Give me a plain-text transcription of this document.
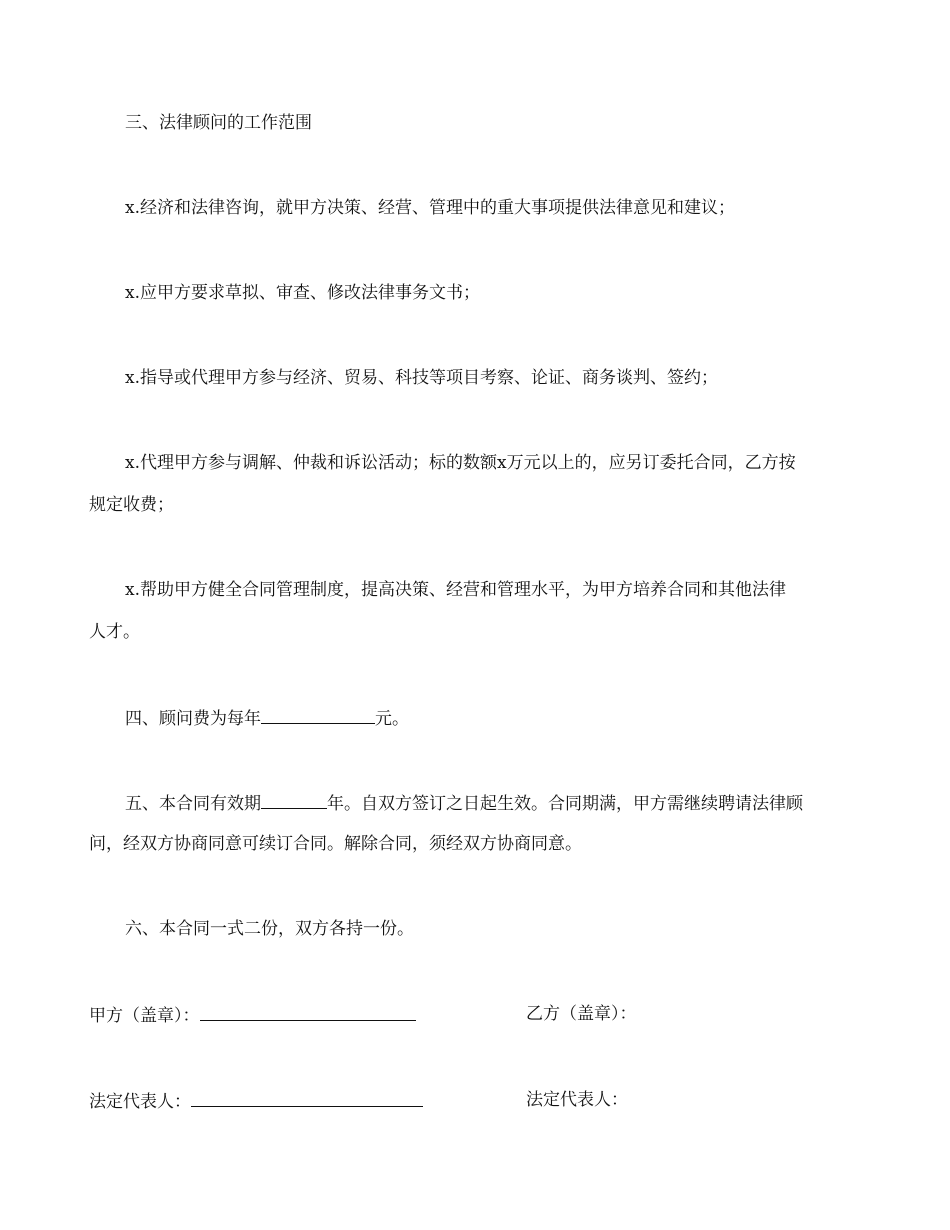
三、法律顾问的工作范围
x.经济和法律咨询，就甲方决策、经营、管理中的重大事项提供法律意见和建议；
x.应甲方要求草拟、审查、修改法律事务文书；
x.指导或代理甲方参与经济、贸易、科技等项目考察、论证、商务谈判、签约；
x.代理甲方参与调解、仲裁和诉讼活动；标的数额x万元以上的，应另订委托合同，乙方按
规定收费；
x.帮助甲方健全合同管理制度，提高决策、经营和管理水平，为甲方培养合同和其他法律
人才。
四、顾问费为每年	元。
五、本合同有效期	年。自双方签订之日起生效。合同期满，甲方需继续聘请法律顾
问，经双方协商同意可续订合同。解除合同，须经双方协商同意。
六、本合同一式二份，双方各持一份。
甲方（盖章）：	乙方（盖章）：
法定代表人：	法定代表人：
